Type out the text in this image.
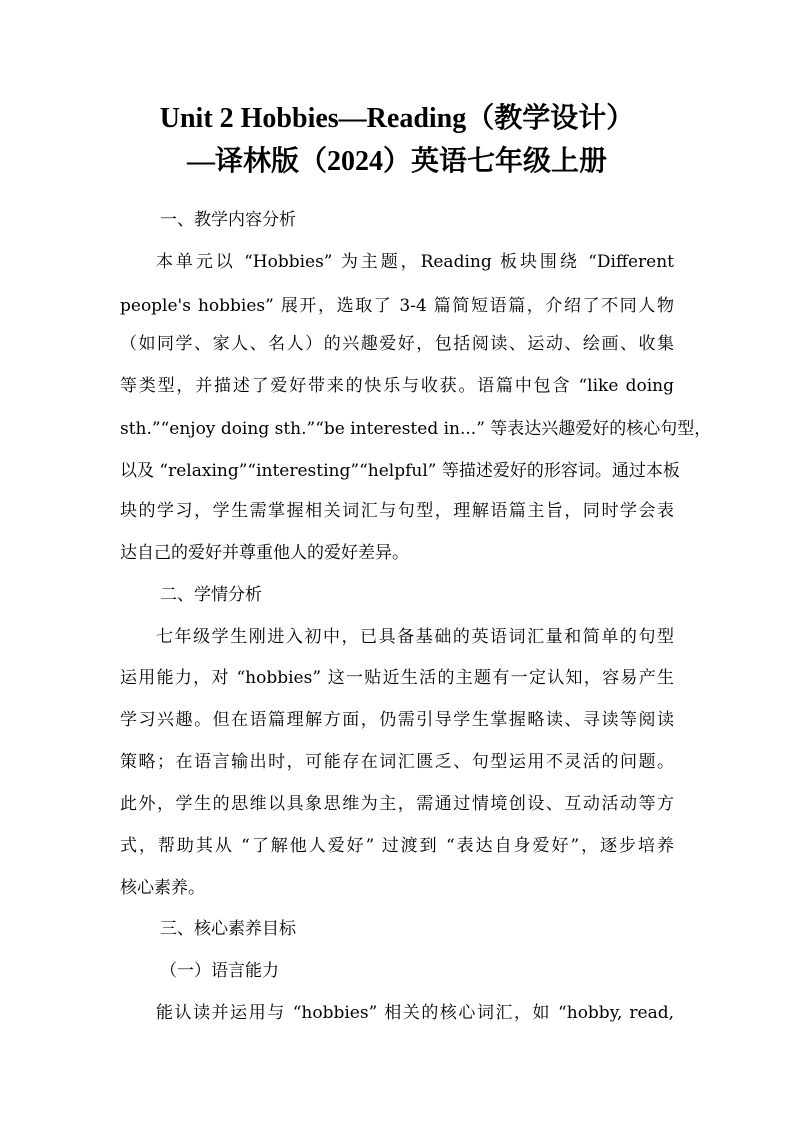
Unit 2 Hobbies—Reading（教学设计）
—译林版（2024）英语七年级上册
一、教学内容分析
本单元以 “Hobbies” 为主题，Reading 板块围绕 “Different
people's hobbies” 展开，选取了 3-4 篇简短语篇，介绍了不同人物
（如同学、家人、名人）的兴趣爱好，包括阅读、运动、绘画、收集
等类型，并描述了爱好带来的快乐与收获。语篇中包含 “like doing
sth.”“enjoy doing sth.”“be interested in...” 等表达兴趣爱好的核心句型，
以及 “relaxing”“interesting”“helpful” 等描述爱好的形容词。通过本板
块的学习，学生需掌握相关词汇与句型，理解语篇主旨，同时学会表
达自己的爱好并尊重他人的爱好差异。
二、学情分析
七年级学生刚进入初中，已具备基础的英语词汇量和简单的句型
运用能力，对 “hobbies” 这一贴近生活的主题有一定认知，容易产生
学习兴趣。但在语篇理解方面，仍需引导学生掌握略读、寻读等阅读
策略；在语言输出时，可能存在词汇匮乏、句型运用不灵活的问题。
此外，学生的思维以具象思维为主，需通过情境创设、互动活动等方
式，帮助其从 “了解他人爱好” 过渡到 “表达自身爱好”，逐步培养
核心素养。
三、核心素养目标
（一）语言能力
能认读并运用与 “hobbies” 相关的核心词汇，如 “hobby, read,
